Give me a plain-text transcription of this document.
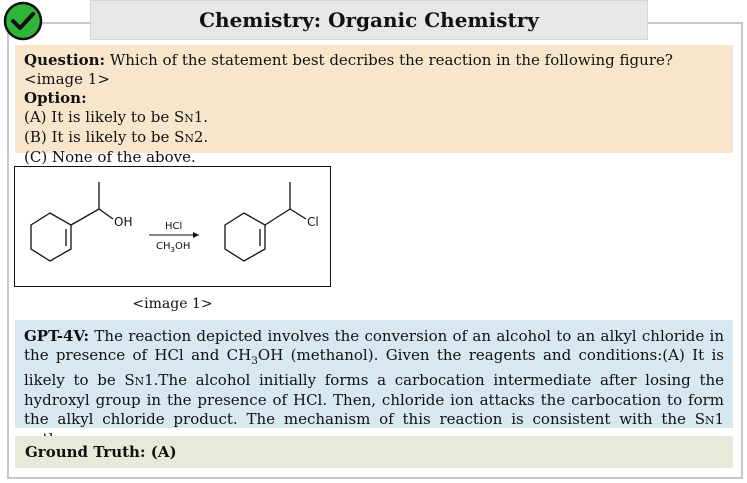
Chemistry: Organic Chemistry
Question: Which of the statement best decribes the reaction in the following figure? <image 1>
Option:
(A) It is likely to be SN1.
(B) It is likely to be SN2.
(C) None of the above.
OH	HCl
$CH_3OH$
Cl
<image 1>
GPT-4V: The reaction depicted involves the conversion of an alcohol to an alkyl chloride in the presence of HCl and $CH_3OH$ (methanol). Given the reagents and conditions:(A) It is likely to be SN1.The alcohol initially forms a carbocation intermediate after losing the hydroxyl group in the presence of HCl. Then, chloride ion attacks the carbocation to form the alkyl chloride product. The mechanism of this reaction is consistent with the SN1
Ground Truth: (A)
